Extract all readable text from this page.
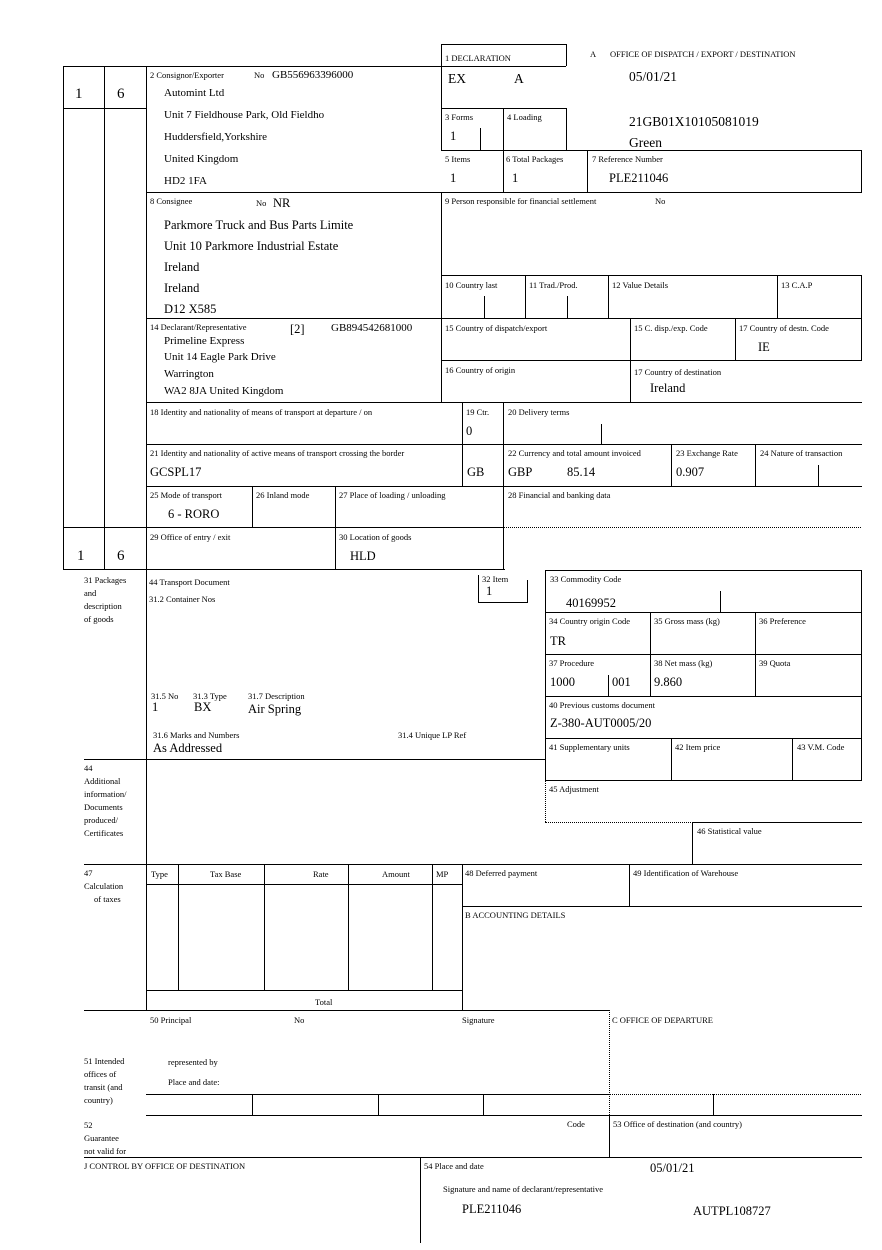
1 DECLARATION	A OFFICE OF DISPATCH / EXPORT / DESTINATION
EX	A	05/01/21
21GB01X10105081019
Green
1 6
1 6
2 Consignor/Exporter	No GB556963396000
Automint Ltd
Unit 7 Fieldhouse Park, Old Fieldho
Huddersfield,Yorkshire
United Kingdom
HD2 1FA
3 Forms
1
4 Loading
5 Items
1
6 Total Packages
1
7 Reference Number
PLE211046
8 Consignee	No NR
Parkmore Truck and Bus Parts Limite
Unit 10 Parkmore Industrial Estate
Ireland
Ireland
D12 X585
9 Person responsible for financial settlement	No
10 Country last	11 Trad./Prod.	12 Value Details	13 C.A.P
14 Declarant/Representative	[2] GB894542681000
Primeline Express
Unit 14 Eagle Park Drive
Warrington
WA2 8JA United Kingdom
15 Country of dispatch/export	15 C. disp./exp. Code	17 Country of destn. Code
IE
16 Country of origin	17 Country of destination
Ireland
18 Identity and nationality of means of transport at departure / on	19 Ctr.
0
20 Delivery terms
21 Identity and nationality of active means of transport crossing the border
GCSPL17	GB
22 Currency and total amount invoiced
GBP	85.14
23 Exchange Rate
0.907
24 Nature of transaction
25 Mode of transport
6 - RORO
26 Inland mode	27 Place of loading / unloading	28 Financial and banking data
29 Office of entry / exit	30 Location of goods
HLD
31 Packages
and
description
of goods
44 Transport Document
31.2 Container Nos
31.5 No
1
31.3 Type
BX
31.7 Description
Air Spring
31.6 Marks and Numbers
As Addressed
31.4 Unique LP Ref
32 Item
1
33 Commodity Code
40169952
34 Country origin Code
TR
35 Gross mass (kg)	36 Preference
37 Procedure
1000	001
38 Net mass (kg)
9.860
39 Quota
40 Previous customs document
Z-380-AUT0005/20
41 Supplementary units	42 Item price	43 V.M. Code
44
Additional
information/
Documents
produced/
Certificates
45 Adjustment
46 Statistical value
47
Calculation
of taxes
Type	Tax Base	Rate	Amount	MP
Total
48 Deferred payment	49 Identification of Warehouse
B ACCOUNTING DETAILS
50 Principal	No	Signature	C OFFICE OF DEPARTURE
represented by
Place and date:
51 Intended
offices of
transit (and
country)
52
Guarantee
not valid for
Code	53 Office of destination (and country)
J CONTROL BY OFFICE OF DESTINATION	54 Place and date	05/01/21
Signature and name of declarant/representative
PLE211046	AUTPL108727
